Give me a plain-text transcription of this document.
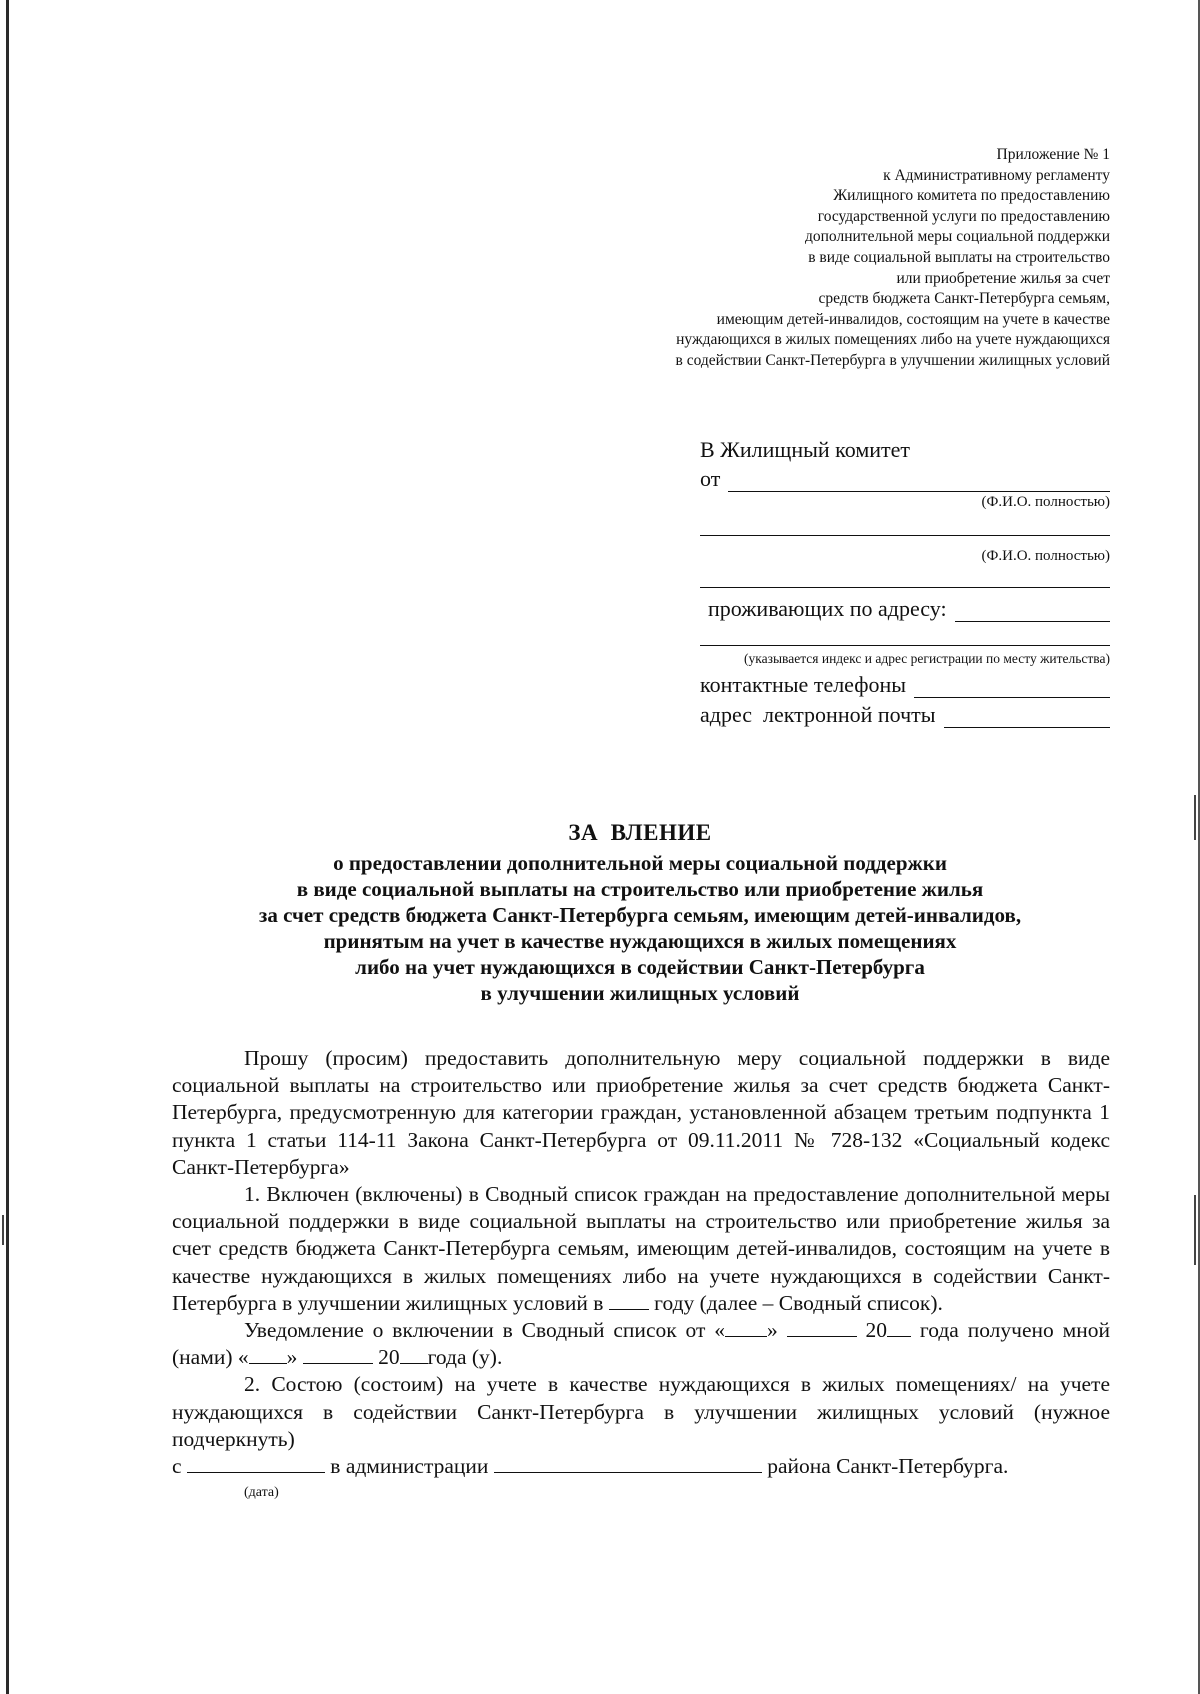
Приложение № 1
к Административному регламенту
Жилищного комитета по предоставлению
государственной услуги по предоставлению
дополнительной меры социальной поддержки
в виде социальной выплаты на строительство
или приобретение жилья за счет
средств бюджета Санкт-Петербурга семьям,
имеющим детей-инвалидов, состоящим на учете в качестве
нуждающихся в жилых помещениях либо на учете нуждающихся
в содействии Санкт-Петербурга в улучшении жилищных условий
В Жилищный комитет
от
(Ф.И.О. полностью)
(Ф.И.О. полностью)
проживающих по адресу:
(указывается индекс и адрес регистрации по месту жительства)
контактные телефоны
адрес  лектронной почты
ЗА  ВЛЕНИЕ
о предоставлении дополнительной меры социальной поддержки
в виде социальной выплаты на строительство или приобретение жилья
за счет средств бюджета Санкт-Петербурга семьям, имеющим детей-инвалидов,
принятым на учет в качестве нуждающихся в жилых помещениях
либо на учет нуждающихся в содействии Санкт-Петербурга
в улучшении жилищных условий

Прошу (просим) предоставить дополнительную меру социальной поддержки в виде социальной выплаты на строительство или приобретение жилья за счет средств бюджета Санкт-Петербурга, предусмотренную для категории граждан, установленной абзацем третьим подпункта 1 пункта 1 статьи 114-11 Закона Санкт-Петербурга от 09.11.2011 № 728-132 «Социальный кодекс Санкт-Петербурга»

1. Включен (включены) в Сводный список граждан на предоставление дополнительной меры социальной поддержки в виде социальной выплаты на строительство или приобретение жилья за счет средств бюджета Санкт-Петербурга семьям, имеющим детей-инвалидов, состоящим на учете в качестве нуждающихся в жилых помещениях либо на учете нуждающихся в содействии Санкт-Петербурга в улучшении жилищных условий в году (далее – Сводный список).

Уведомление о включении в Сводный список от « »	20 года получено мной (нами) « »	20 года (у).

2. Состою (состоим) на учете в качестве нуждающихся в жилых помещениях/ на учете нуждающихся в содействии Санкт-Петербурга в улучшении жилищных условий (нужное подчеркнуть)

с	в администрации	района Санкт-Петербурга.
(дата)
